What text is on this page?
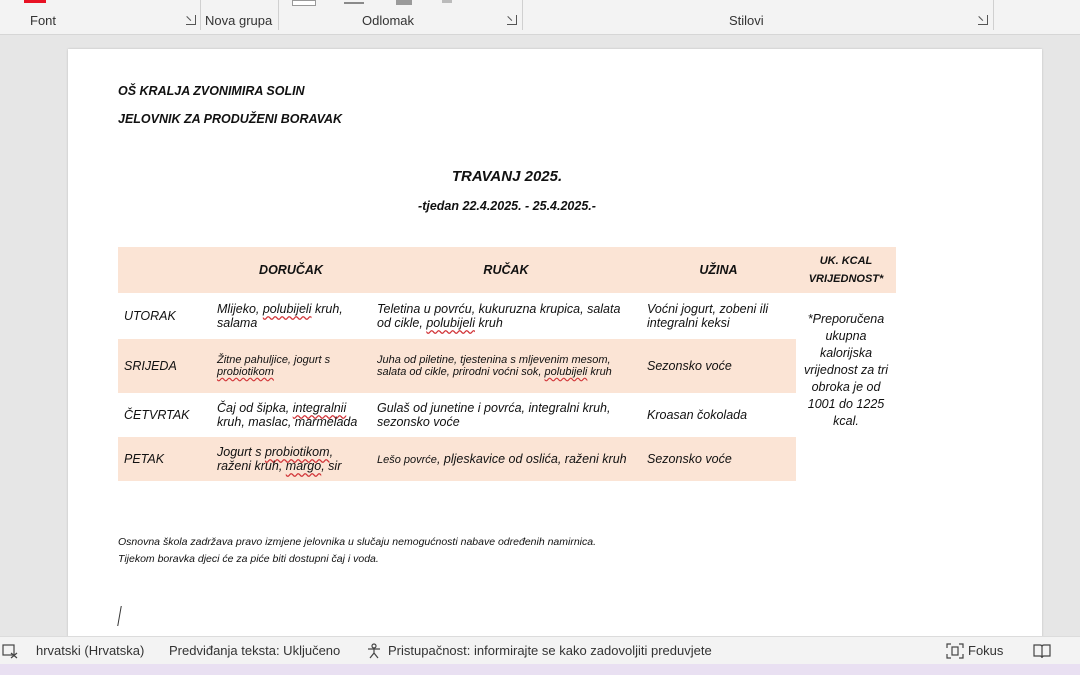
Font	Nova grupa	Odlomak	Stilovi
OŠ KRALJA ZVONIMIRA SOLIN
JELOVNIK ZA PRODUŽENI BORAVAK
TRAVANJ 2025.
-tjedan 22.4.2025. - 25.4.2025.-
	DORUČAK	RUČAK	UŽINA	UK. KCAL VRIJEDNOST*
UTORAK	Mlijeko, polubijeli kruh, salama	Teletina u povrću, kukuruzna krupica, salata od cikle, polubijeli kruh	Voćni jogurt, zobeni ili integralni keksi	*Preporučena ukupna kalorijska vrijednost za tri obroka je od 1001 do 1225 kcal.
SRIJEDA	Žitne pahuljice, jogurt s probiotikom	Juha od piletine, tjestenina s mljevenim mesom, salata od cikle, prirodni voćni sok, polubijeli kruh	Sezonsko voće	
ČETVRTAK	Čaj od šipka, integralnii kruh, maslac, marmelada	Gulaš od junetine i povrća, integralni kruh, sezonsko voće	Kroasan čokolada	
PETAK	Jogurt s probiotikom, raženi kruh, margo, sir	Lešo povrće, pljeskavice od oslića, raženi kruh	Sezonsko voće	
Osnovna škola zadržava pravo izmjene jelovnika u slučaju nemogućnosti nabave određenih namirnica.
Tijekom boravka djeci će za piće biti dostupni čaj i voda.
hrvatski (Hrvatska) Predviđanja teksta: Uključeno	Pristupačnost: informirajte se kako zadovoljiti preduvjete	Fokus
